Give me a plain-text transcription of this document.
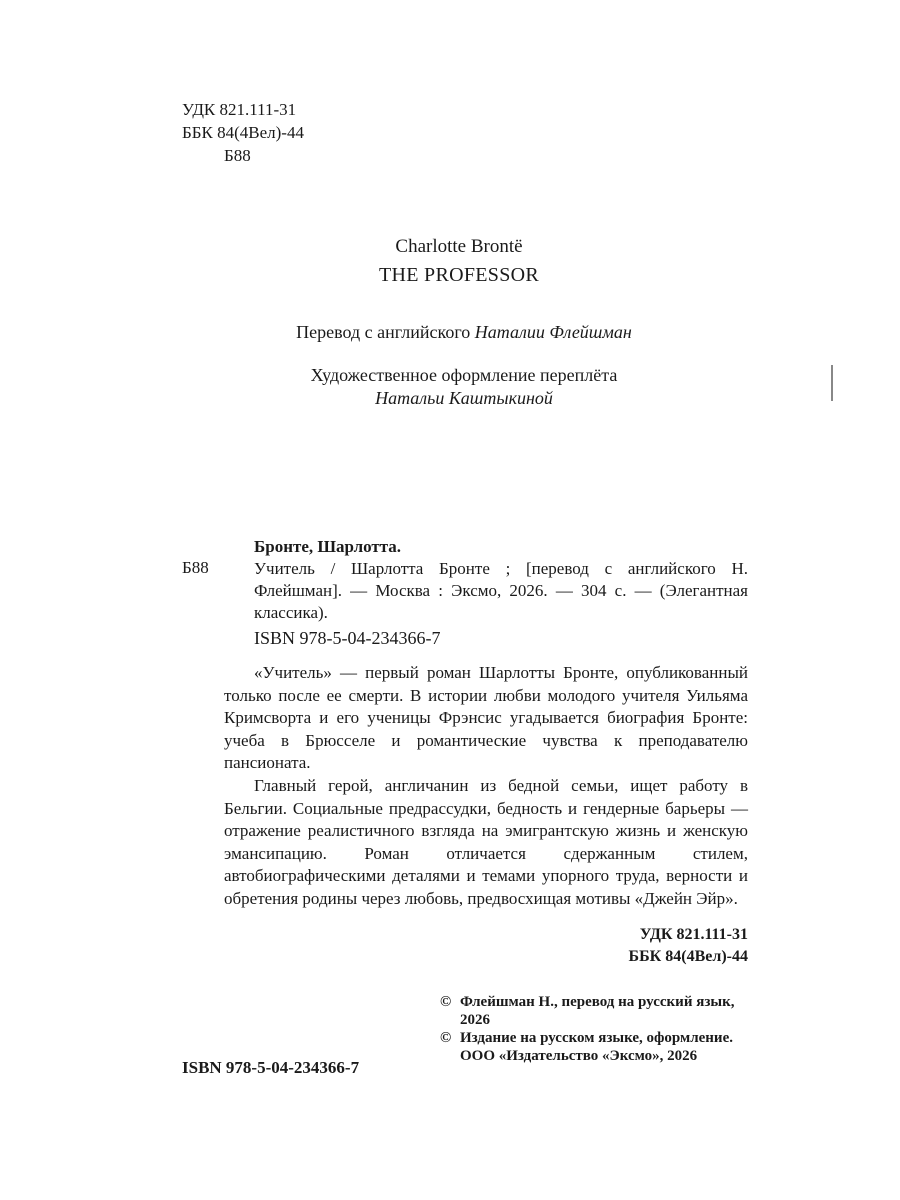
УДК 821.111-31
ББК 84(4Вел)-44
Б88
Charlotte Brontё
THE PROFESSOR
Перевод с английского Наталии Флейшман
Художественное оформление переплёта
Натальи Каштыкиной
Бронте, Шарлотта.
Б88	Учитель / Шарлотта Бронте ; [перевод с английского Н. Флейшман]. — Москва : Эксмо, 2026. — 304 с. — (Элегантная классика).
ISBN 978-5-04-234366-7

«Учитель» — первый роман Шарлотты Бронте, опубликованный только после ее смерти. В истории любви молодого учителя Уильяма Кримсворта и его ученицы Фрэнсис угадывается биография Бронте: учеба в Брюсселе и романтические чувства к преподавателю пансионата.

Главный герой, англичанин из бедной семьи, ищет работу в Бельгии. Социальные предрассудки, бедность и гендерные барьеры — отражение реалистичного взгляда на эмигрантскую жизнь и женскую эмансипацию. Роман отличается сдержанным стилем, автобиографическими деталями и темами упорного труда, верности и обретения родины через любовь, предвосхищая мотивы «Джейн Эйр».

УДК 821.111-31
ББК 84(4Вел)-44
© Флейшман Н., перевод на русский язык, 2026
© Издание на русском языке, оформление. ООО «Издательство «Эксмо», 2026
ISBN 978-5-04-234366-7
